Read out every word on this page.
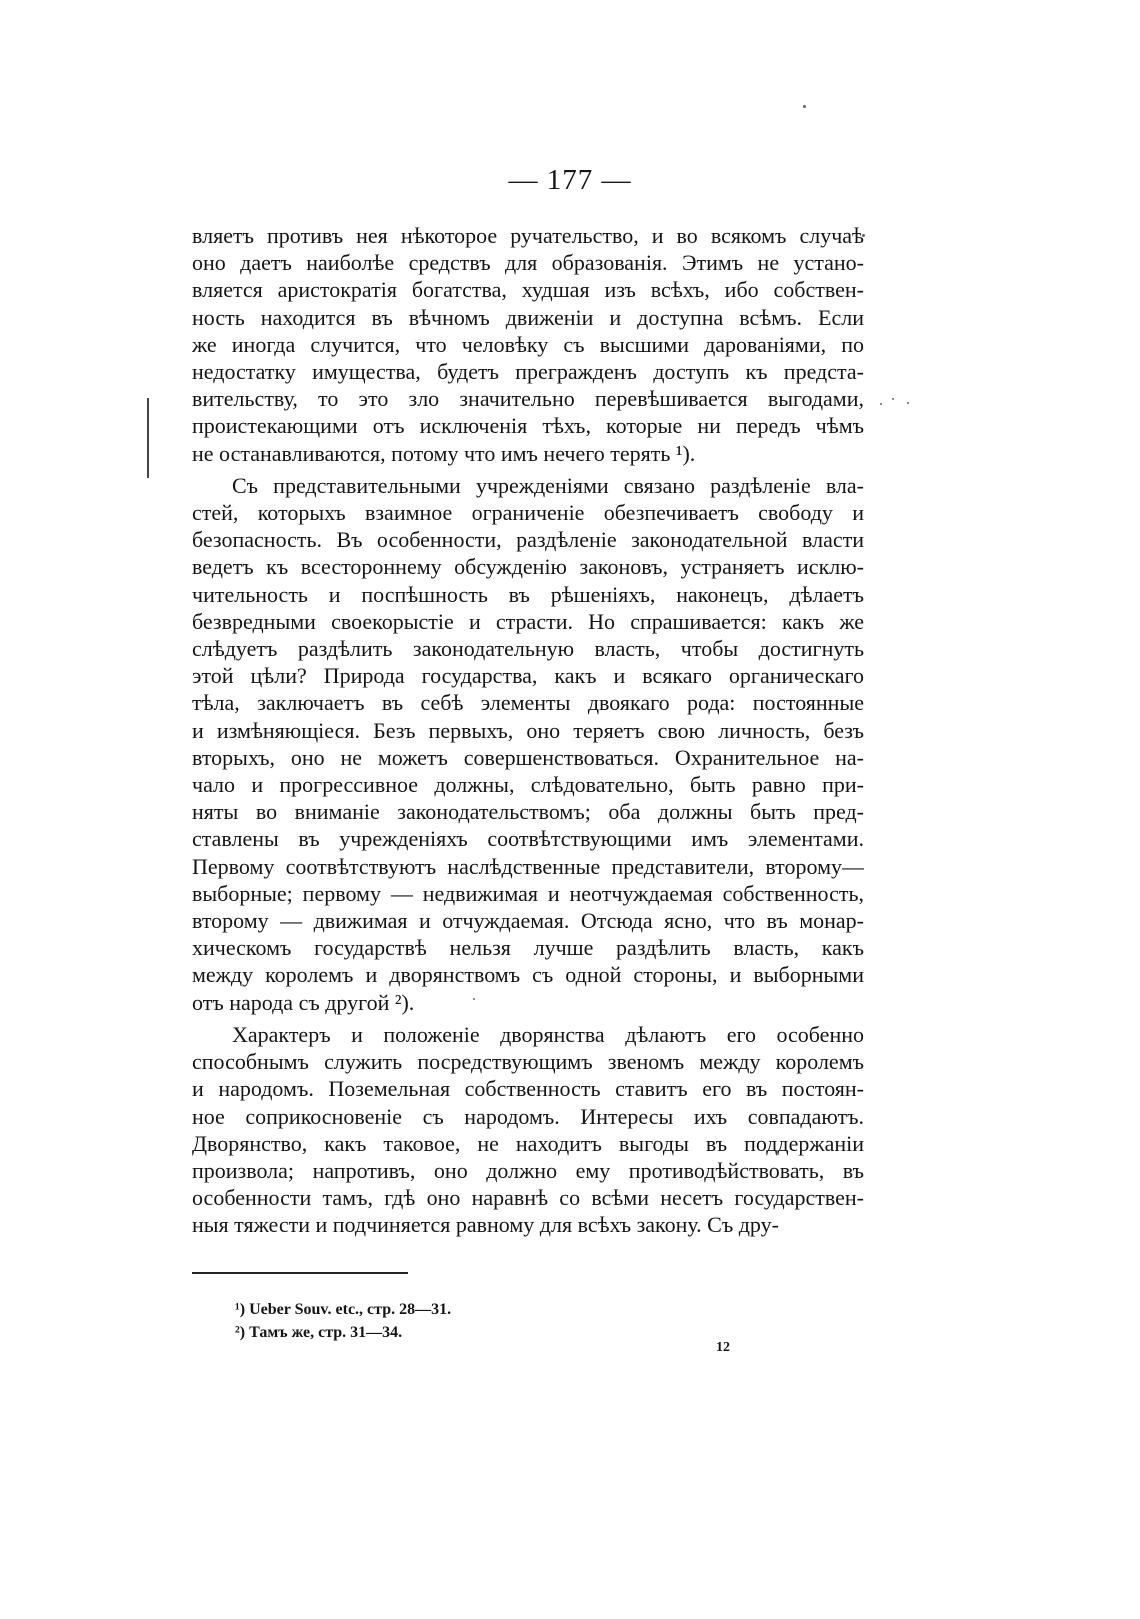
— 177 —

вляетъ противъ нея нѣкоторое ручательство, и во всякомъ случаѣ
оно даетъ наиболѣе средствъ для образованія. Этимъ не устано-
вляется аристократія богатства, худшая изъ всѣхъ, ибо собствен-
ность находится въ вѣчномъ движеніи и доступна всѣмъ. Если
же иногда случится, что человѣку съ высшими дарованіями, по
недостатку имущества, будетъ прегражденъ доступъ къ предста-
вительству, то это зло значительно перевѣшивается выгодами,
проистекающими отъ исключенія тѣхъ, которые ни передъ чѣмъ
не останавливаются, потому что имъ нечего терять ¹).

Съ представительными учрежденіями связано раздѣленіе вла-
стей, которыхъ взаимное ограниченіе обезпечиваетъ свободу и
безопасность. Въ особенности, раздѣленіе законодательной власти
ведетъ къ всестороннему обсужденію законовъ, устраняетъ исклю-
чительность и поспѣшность въ рѣшеніяхъ, наконецъ, дѣлаетъ
безвредными своекорыстіе и страсти. Но спрашивается: какъ же
слѣдуетъ раздѣлить законодательную власть, чтобы достигнуть
этой цѣли? Природа государства, какъ и всякаго органическаго
тѣла, заключаетъ въ себѣ элементы двоякаго рода: постоянные
и измѣняющіеся. Безъ первыхъ, оно теряетъ свою личность, безъ
вторыхъ, оно не можетъ совершенствоваться. Охранительное на-
чало и прогрессивное должны, слѣдовательно, быть равно при-
няты во вниманіе законодательствомъ; оба должны быть пред-
ставлены въ учрежденіяхъ соотвѣтствующими имъ элементами.
Первому соотвѣтствуютъ наслѣдственные представители, второму—
выборные; первому — недвижимая и неотчуждаемая собственность,
второму — движимая и отчуждаемая. Отсюда ясно, что въ монар-
хическомъ государствѣ нельзя лучше раздѣлить власть, какъ
между королемъ и дворянствомъ съ одной стороны, и выборными
отъ народа съ другой ²).

Характеръ и положеніе дворянства дѣлаютъ его особенно
способнымъ служить посредствующимъ звеномъ между королемъ
и народомъ. Поземельная собственность ставитъ его въ постоян-
ное соприкосновеніе съ народомъ. Интересы ихъ совпадаютъ.
Дворянство, какъ таковое, не находитъ выгоды въ поддержаніи
произвола; напротивъ, оно должно ему противодѣйствовать, въ
особенности тамъ, гдѣ оно наравнѣ со всѣми несетъ государствен-
ныя тяжести и подчиняется равному для всѣхъ закону. Съ дру-

¹) Ueber Souv. etc., стр. 28—31.
²) Тамъ же, стр. 31—34.
12
